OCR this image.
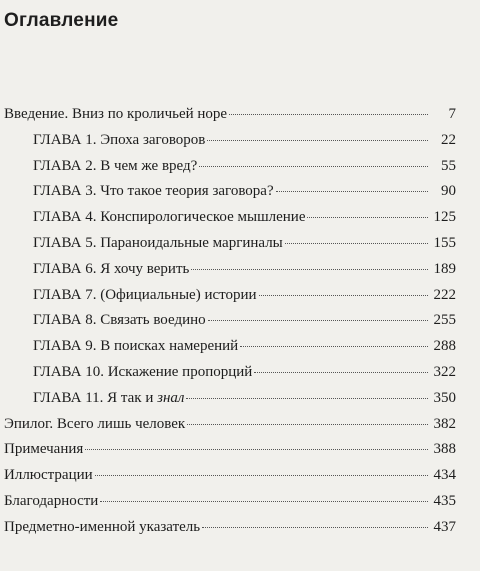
Оглавление
Введение. Вниз по кроличьей норе	7
ГЛАВА 1. Эпоха заговоров	22
ГЛАВА 2. В чем же вред?	55
ГЛАВА 3. Что такое теория заговора?	90
ГЛАВА 4. Конспирологическое мышление	125
ГЛАВА 5. Параноидальные маргиналы	155
ГЛАВА 6. Я хочу верить	189
ГЛАВА 7. (Официальные) истории	222
ГЛАВА 8. Связать воедино	255
ГЛАВА 9. В поисках намерений	288
ГЛАВА 10. Искажение пропорций	322
ГЛАВА 11. Я так и знал	350
Эпилог. Всего лишь человек	382
Примечания	388
Иллюстрации	434
Благодарности	435
Предметно-именной указатель	437
